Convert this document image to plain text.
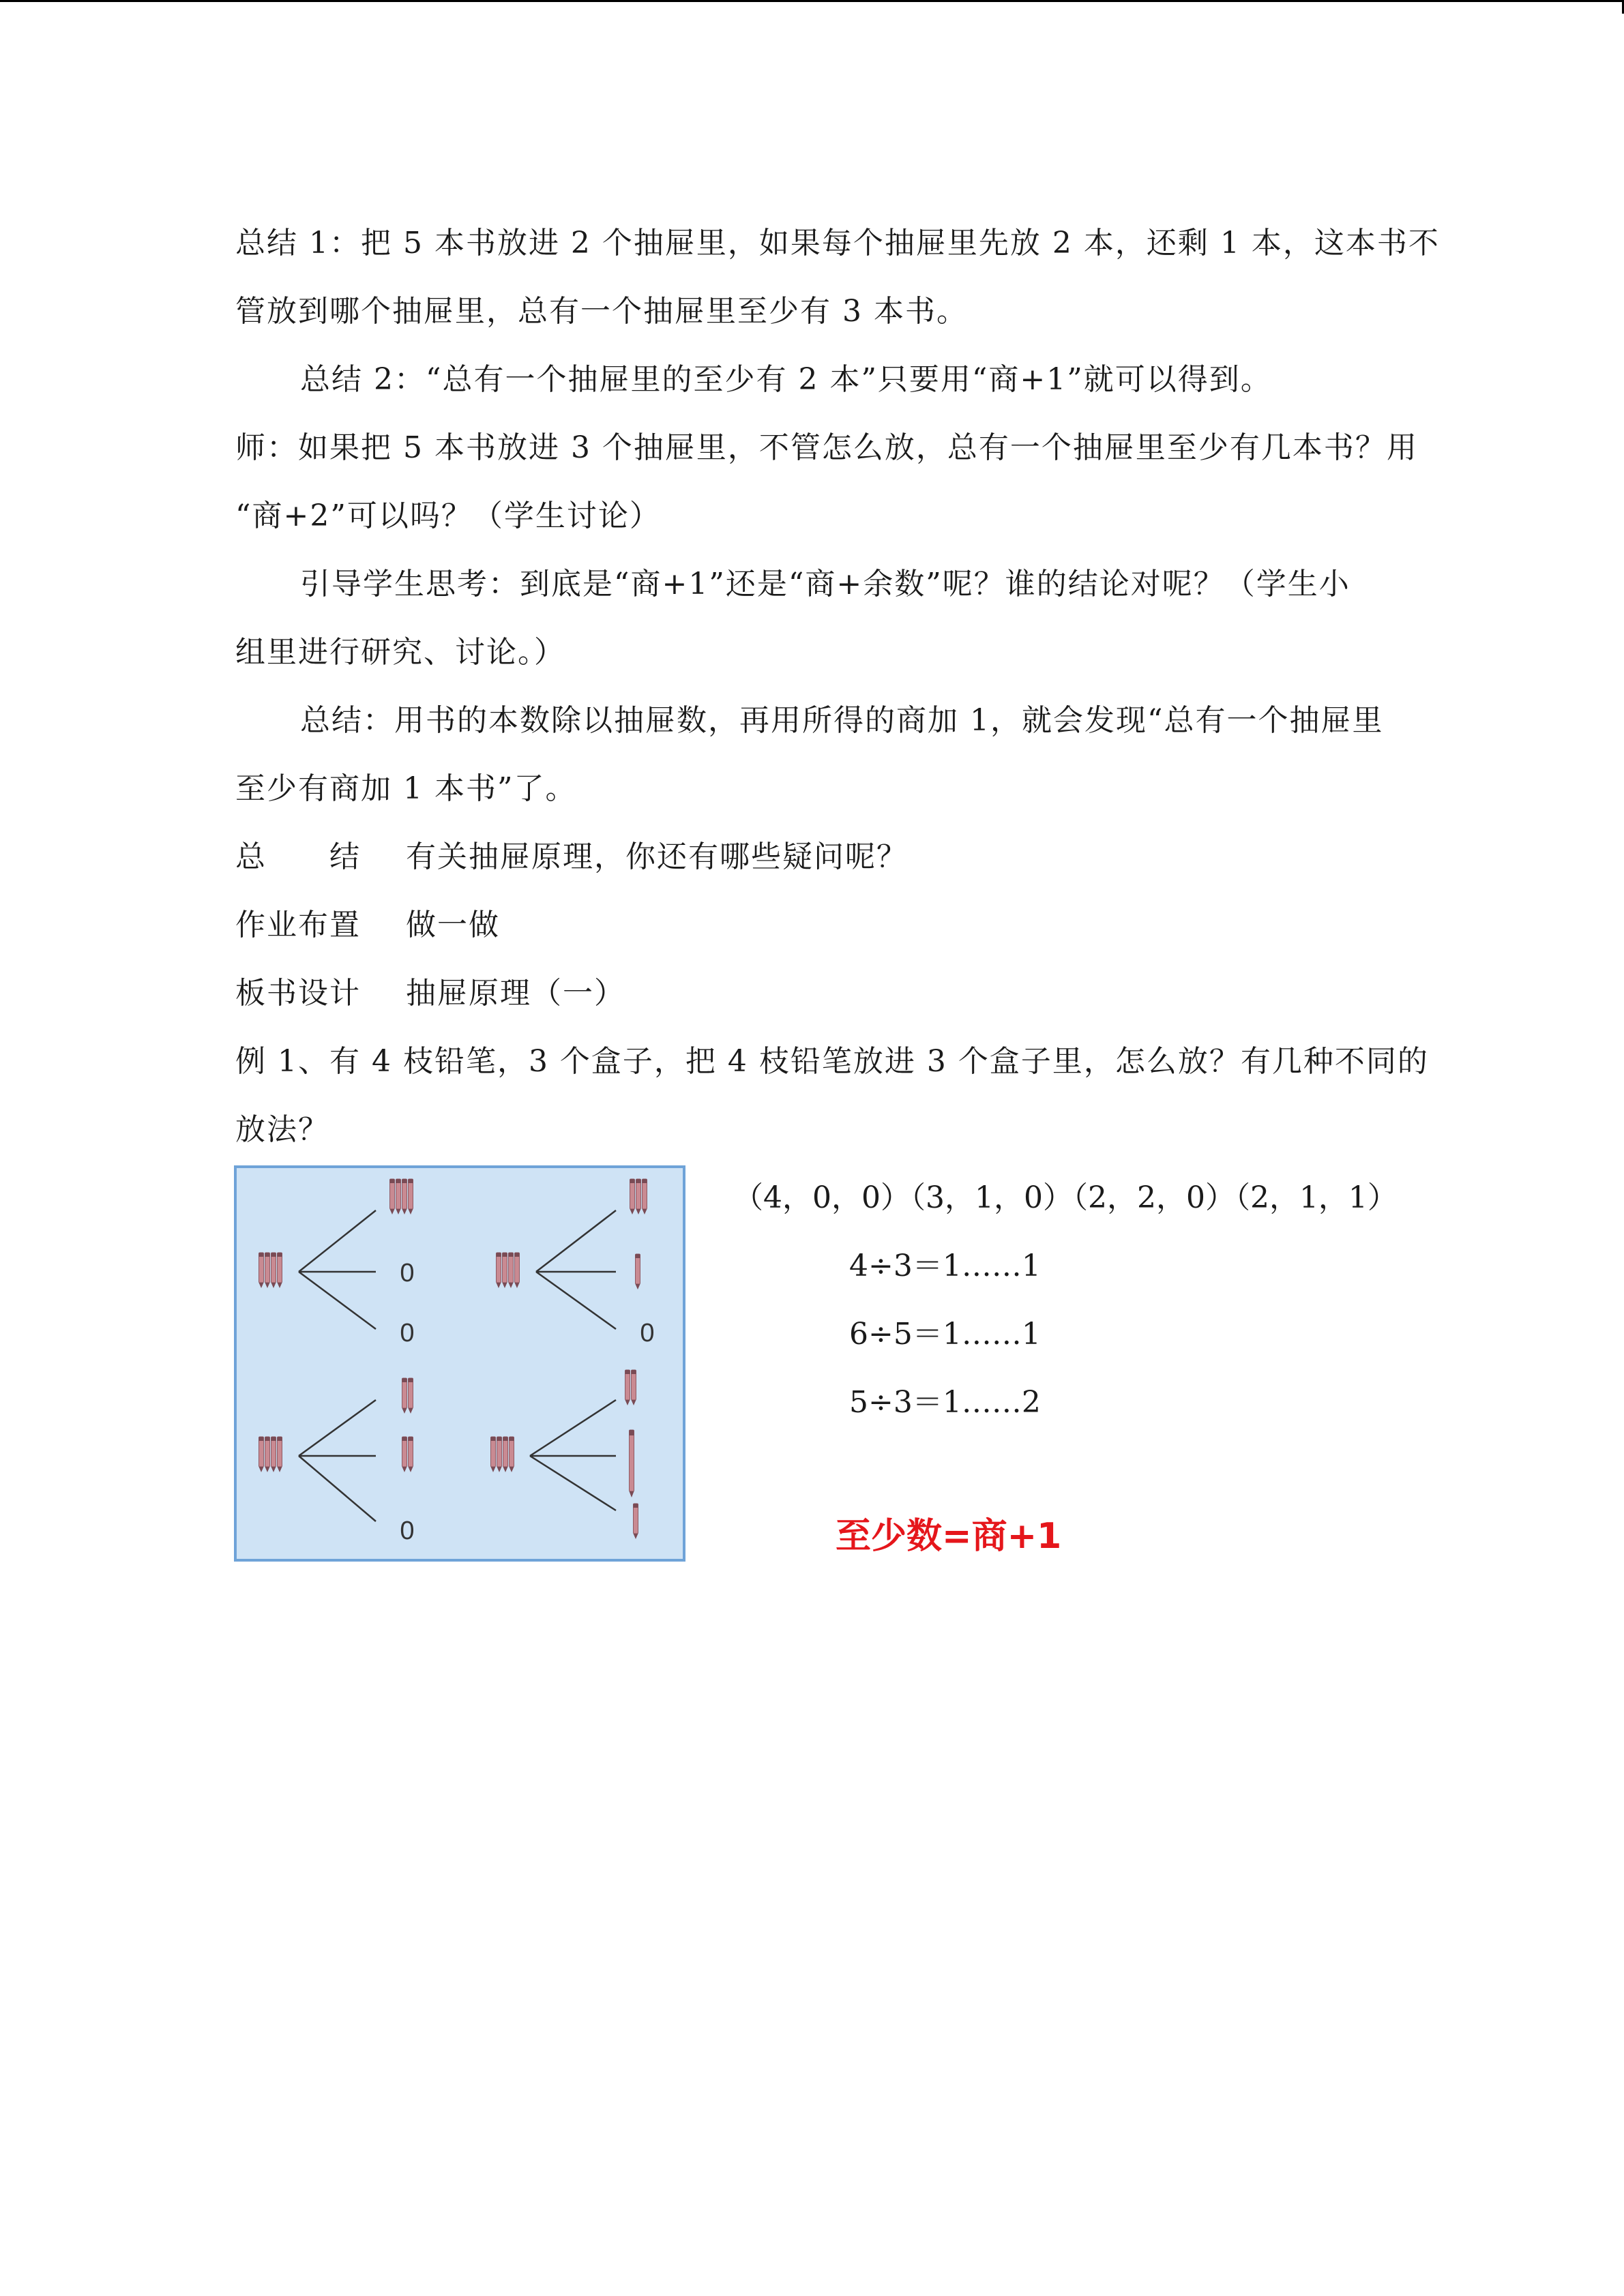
总结 1：把 5 本书放进 2 个抽屉里，如果每个抽屉里先放 2 本，还剩 1 本，这本书不
管放到哪个抽屉里，总有一个抽屉里至少有 3 本书。
总结 2：“总有一个抽屉里的至少有 2 本”只要用“商+1”就可以得到。
师：如果把 5 本书放进 3 个抽屉里，不管怎么放，总有一个抽屉里至少有几本书？用
“商+2”可以吗？（学生讨论）
引导学生思考：到底是“商+1”还是“商+余数”呢？谁的结论对呢？（学生小
组里进行研究、讨论。）
总结：用书的本数除以抽屉数，再用所得的商加 1，就会发现“总有一个抽屉里
至少有商加 1 本书”了。
总　　结 有关抽屉原理，你还有哪些疑问呢？
作业布置 做一做
板书设计 抽屉原理（一）
例 1、有 4 枝铅笔，3 个盒子，把 4 枝铅笔放进 3 个盒子里，怎么放？有几种不同的
放法？
0
0	0
0
（4，0，0）（3，1，0）（2，2，0）（2，1，1）
4÷3＝1……1
6÷5＝1……1
5÷3＝1……2
至少数=商+1
